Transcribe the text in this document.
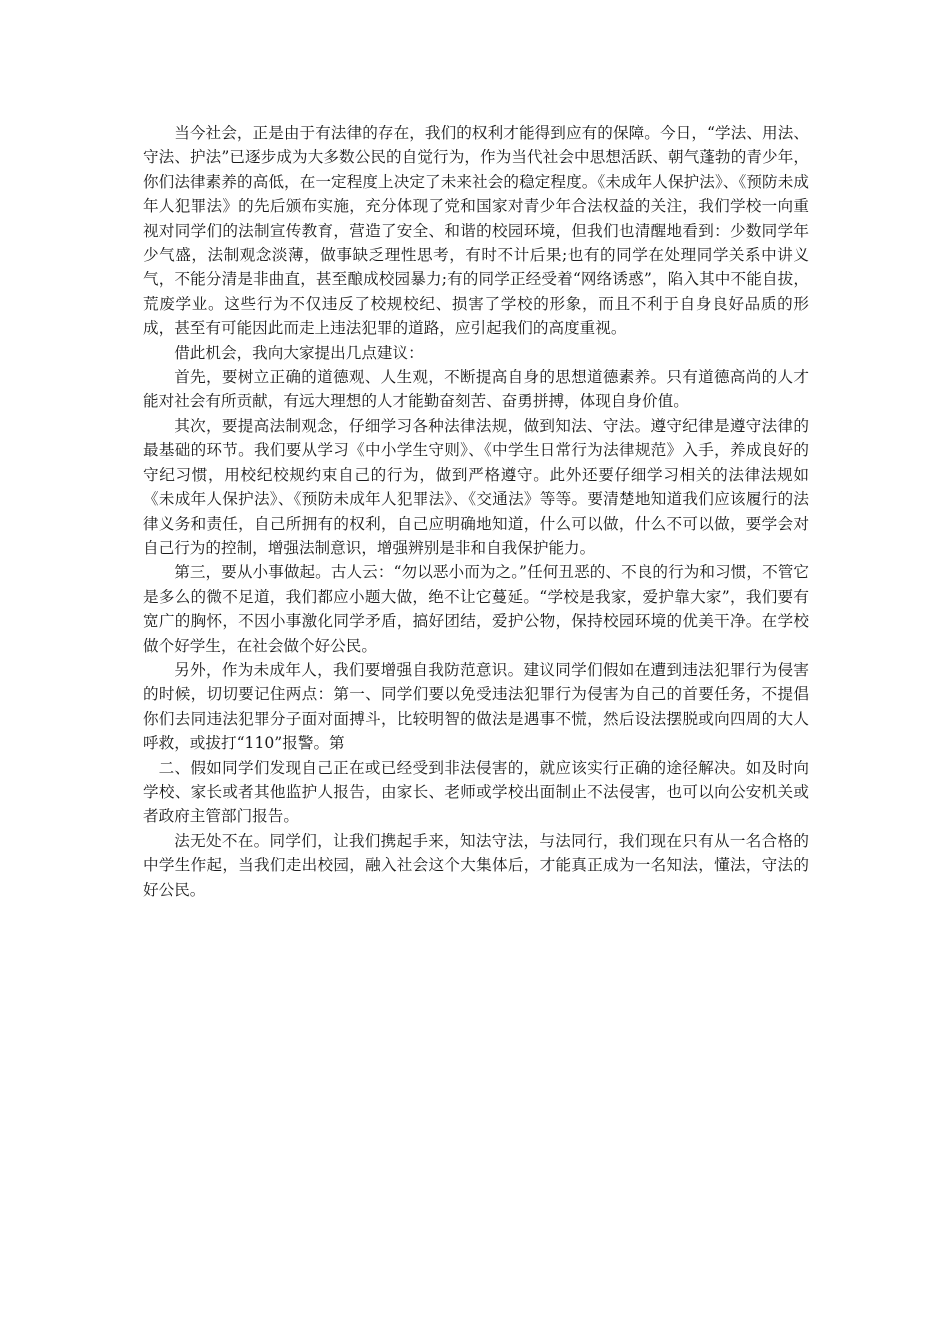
当今社会，正是由于有法律的存在，我们的权利才能得到应有的保障。今日，“学法、用法、守法、护法”已逐步成为大多数公民的自觉行为，作为当代社会中思想活跃、朝气蓬勃的青少年，你们法律素养的高低，在一定程度上决定了未来社会的稳定程度。《未成年人保护法》、《预防未成年人犯罪法》的先后颁布实施，充分体现了党和国家对青少年合法权益的关注，我们学校一向重视对同学们的法制宣传教育，营造了安全、和谐的校园环境，但我们也清醒地看到：少数同学年少气盛，法制观念淡薄，做事缺乏理性思考，有时不计后果;也有的同学在处理同学关系中讲义气，不能分清是非曲直，甚至酿成校园暴力;有的同学正经受着“网络诱惑”，陷入其中不能自拔，荒废学业。这些行为不仅违反了校规校纪、损害了学校的形象，而且不利于自身良好品质的形成，甚至有可能因此而走上违法犯罪的道路，应引起我们的高度重视。

借此机会，我向大家提出几点建议：

首先，要树立正确的道德观、人生观，不断提高自身的思想道德素养。只有道德高尚的人才能对社会有所贡献，有远大理想的人才能勤奋刻苦、奋勇拼搏，体现自身价值。

其次，要提高法制观念，仔细学习各种法律法规，做到知法、守法。遵守纪律是遵守法律的最基础的环节。我们要从学习《中小学生守则》、《中学生日常行为法律规范》入手，养成良好的守纪习惯，用校纪校规约束自己的行为，做到严格遵守。此外还要仔细学习相关的法律法规如《未成年人保护法》、《预防未成年人犯罪法》、《交通法》等等。要清楚地知道我们应该履行的法律义务和责任，自己所拥有的权利，自己应明确地知道，什么可以做，什么不可以做，要学会对自己行为的控制，增强法制意识，增强辨别是非和自我保护能力。

第三，要从小事做起。古人云：“勿以恶小而为之。”任何丑恶的、不良的行为和习惯，不管它是多么的微不足道，我们都应小题大做，绝不让它蔓延。“学校是我家，爱护靠大家”，我们要有宽广的胸怀，不因小事激化同学矛盾，搞好团结，爱护公物，保持校园环境的优美干净。在学校做个好学生，在社会做个好公民。

另外，作为未成年人，我们要增强自我防范意识。建议同学们假如在遭到违法犯罪行为侵害的时候，切切要记住两点：第一、同学们要以免受违法犯罪行为侵害为自己的首要任务，不提倡你们去同违法犯罪分子面对面搏斗，比较明智的做法是遇事不慌，然后设法摆脱或向四周的大人呼救，或拔打“110”报警。第

二、假如同学们发现自己正在或已经受到非法侵害的，就应该实行正确的途径解决。如及时向学校、家长或者其他监护人报告，由家长、老师或学校出面制止不法侵害，也可以向公安机关或者政府主管部门报告。

法无处不在。同学们，让我们携起手来，知法守法，与法同行，我们现在只有从一名合格的中学生作起，当我们走出校园，融入社会这个大集体后，才能真正成为一名知法，懂法，守法的好公民。
